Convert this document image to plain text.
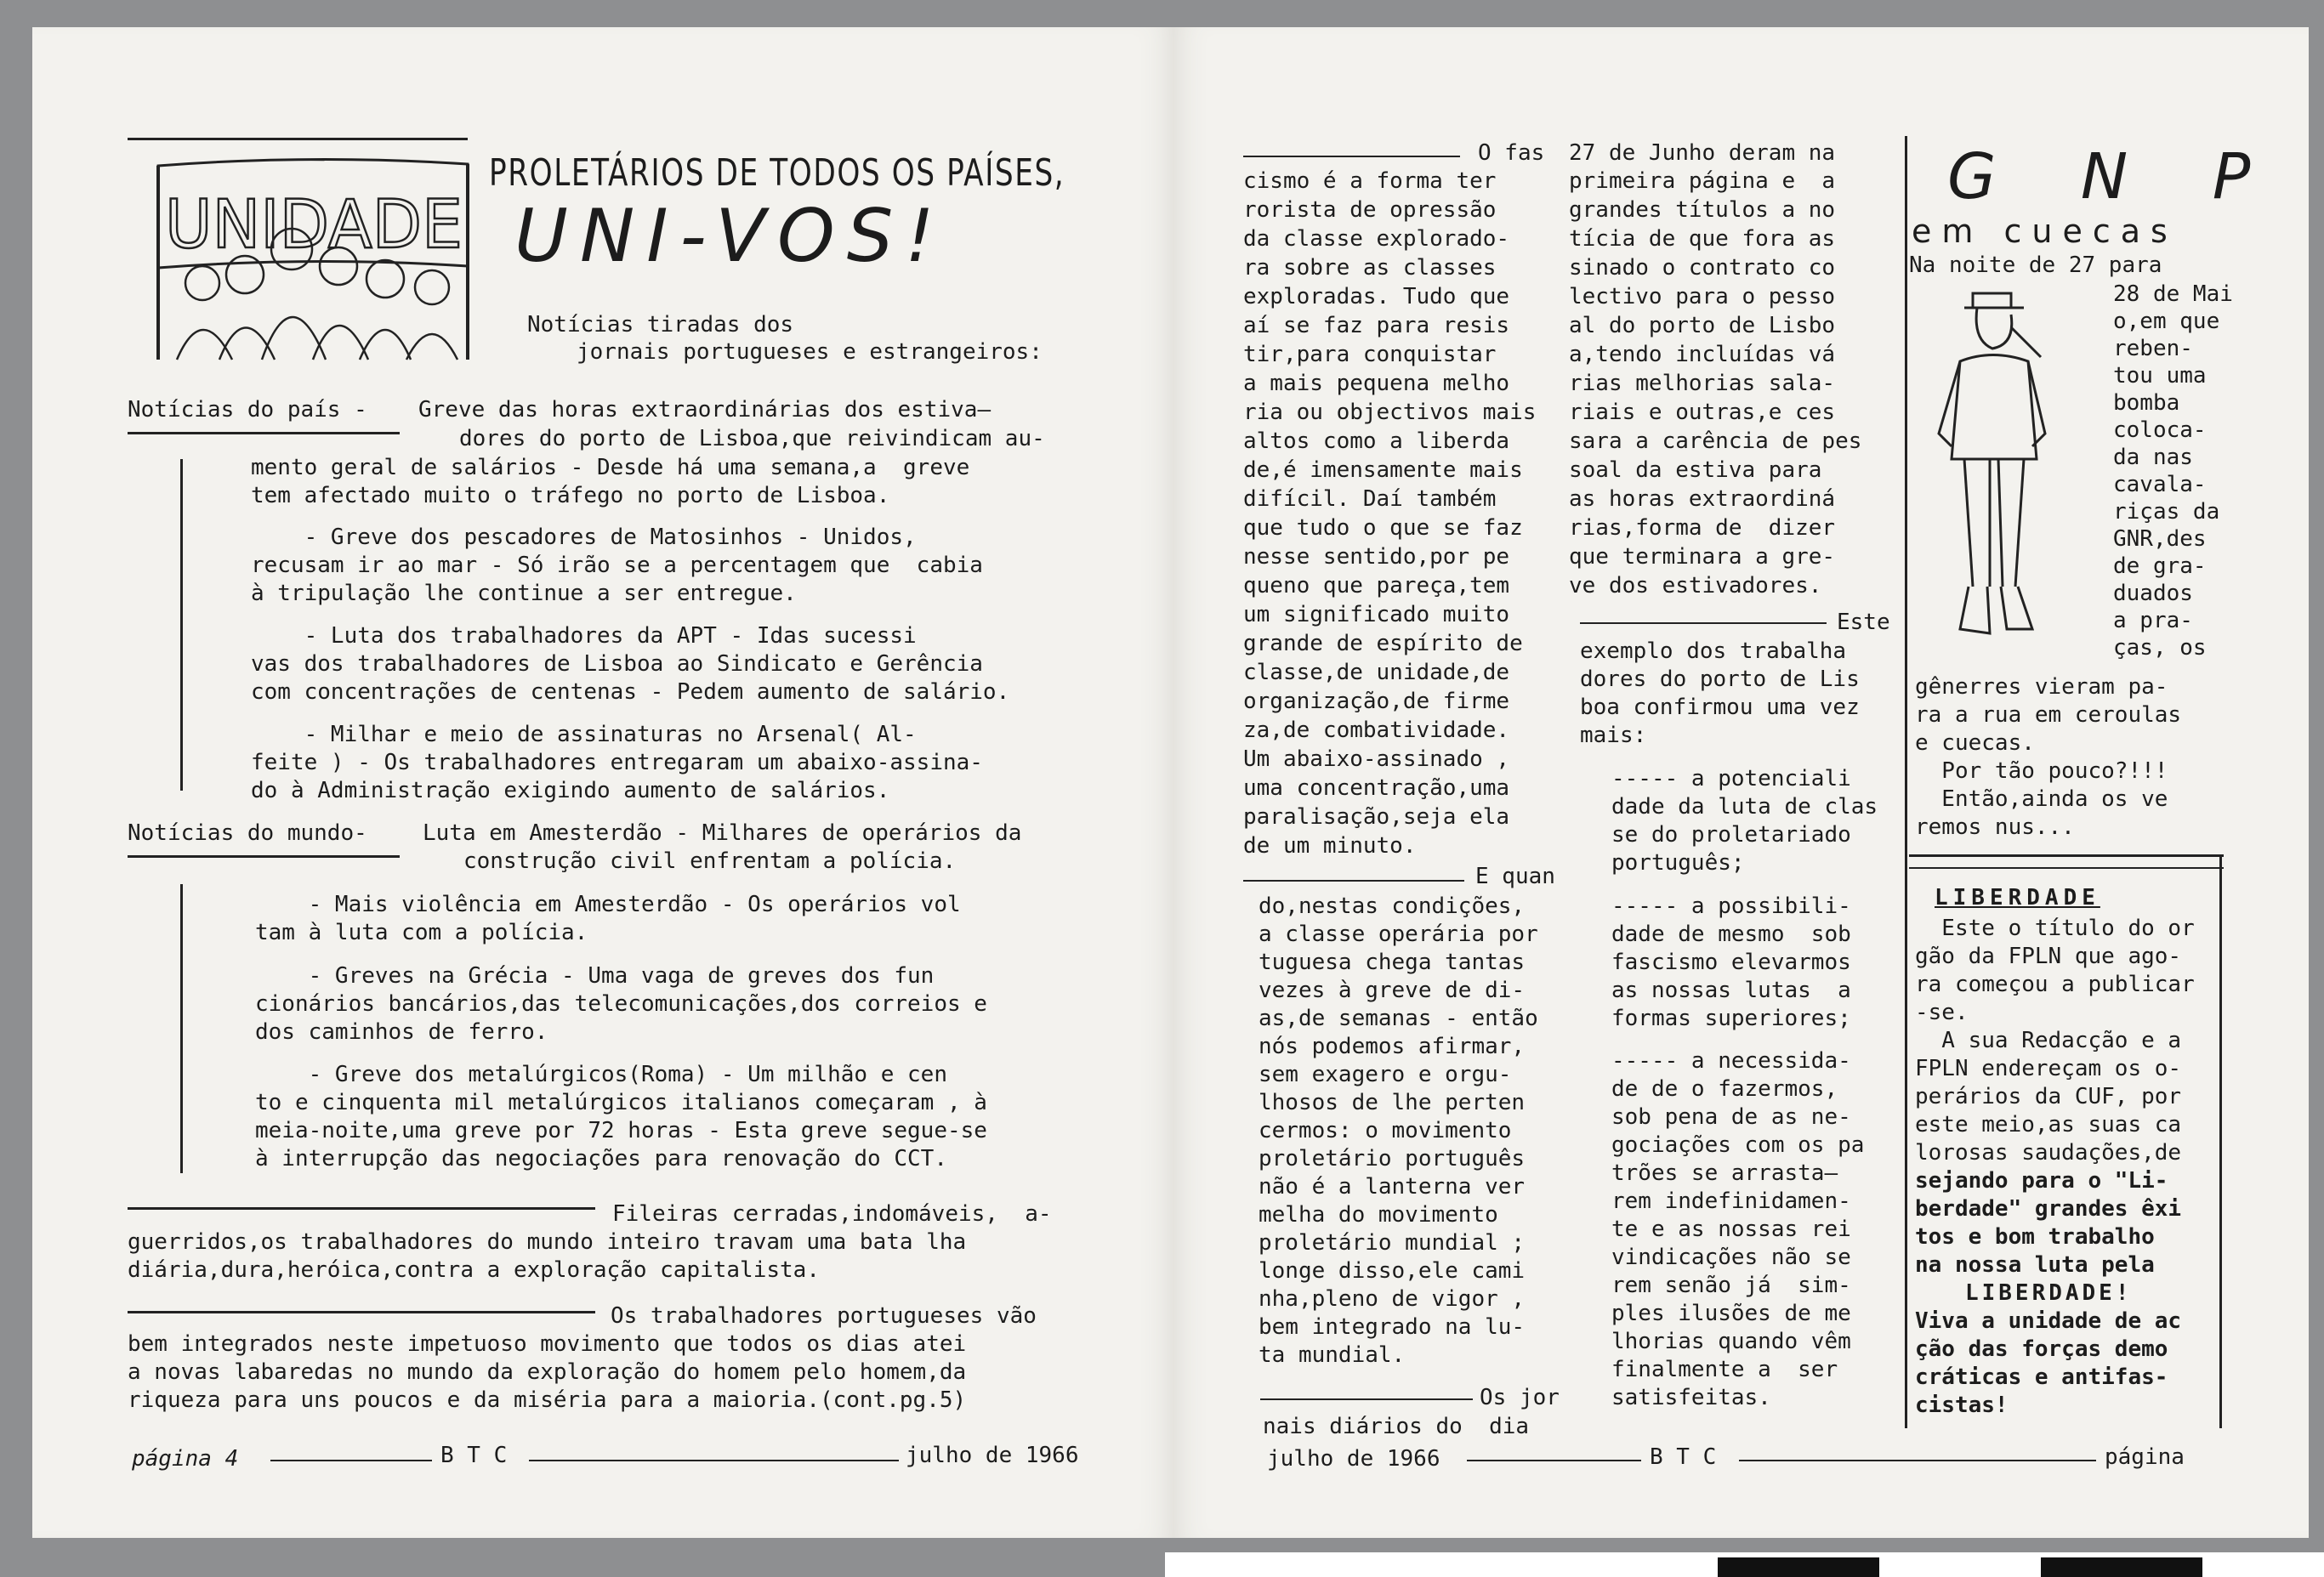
UNIDADE
PROLETÁRIOS DE TODOS OS PAÍSES,
UNI-VOS!
Notícias tiradas dos
jornais portugueses e estrangeiros:
Notícias do país - Greve das horas extraordinárias dos estiva—
dores do porto de Lisboa,que reivindicam au-
mento geral de salários - Desde há uma semana,a  greve
tem afectado muito o tráfego no porto de Lisboa.
- Greve dos pescadores de Matosinhos - Unidos,
recusam ir ao mar - Só irão se a percentagem que  cabia
à tripulação lhe continue a ser entregue.
- Luta dos trabalhadores da APT - Idas sucessi
vas dos trabalhadores de Lisboa ao Sindicato e Gerência
com concentrações de centenas - Pedem aumento de salário.
- Milhar e meio de assinaturas no Arsenal( Al-
feite ) - Os trabalhadores entregaram um abaixo-assina-
do à Administração exigindo aumento de salários.
Notícias do mundo-	Luta em Amesterdão - Milhares de operários da
construção civil enfrentam a polícia.
- Mais violência em Amesterdão - Os operários vol
tam à luta com a polícia.
- Greves na Grécia - Uma vaga de greves dos fun
cionários bancários,das telecomunicações,dos correios e
dos caminhos de ferro.
- Greve dos metalúrgicos(Roma) - Um milhão e cen
to e cinquenta mil metalúrgicos italianos começaram , à
meia-noite,uma greve por 72 horas - Esta greve segue-se
à interrupção das negociações para renovação do CCT.
Fileiras cerradas,indomáveis,  a-
guerridos,os trabalhadores do mundo inteiro travam uma bata lha
diária,dura,heróica,contra a exploração capitalista.
Os trabalhadores portugueses vão
bem integrados neste impetuoso movimento que todos os dias atei
a novas labaredas no mundo da exploração do homem pelo homem,da
riqueza para uns poucos e da miséria para a maioria.(cont.pg.5)
página 4	B T C	julho de 1966
O fas
cismo é a forma ter
rorista de opressão
da classe explorado-
ra sobre as classes
exploradas. Tudo que
aí se faz para resis
tir,para conquistar
a mais pequena melho
ria ou objectivos mais
altos como a liberda
de,é imensamente mais
difícil. Daí também
que tudo o que se faz
nesse sentido,por pe
queno que pareça,tem
um significado muito
grande de espírito de
classe,de unidade,de
organização,de firme
za,de combatividade.
Um abaixo-assinado ,
uma concentração,uma
paralisação,seja ela
de um minuto.
E quan
do,nestas condições,
a classe operária por
tuguesa chega tantas
vezes à greve de di-
as,de semanas - então
nós podemos afirmar,
sem exagero e orgu-
lhosos de lhe perten
cermos: o movimento
proletário português
não é a lanterna ver
melha do movimento
proletário mundial ;
longe disso,ele cami
nha,pleno de vigor ,
bem integrado na lu-
ta mundial.
Os jor
nais diários do  dia
27 de Junho deram na
primeira página e  a
grandes títulos a no
tícia de que fora as
sinado o contrato co
lectivo para o pesso
al do porto de Lisbo
a,tendo incluídas vá
rias melhorias sala-
riais e outras,e ces
sara a carência de pes
soal da estiva para
as horas extraordiná
rias,forma de  dizer
que terminara a gre-
ve dos estivadores.
Este
exemplo dos trabalha
dores do porto de Lis
boa confirmou uma vez
mais:
----- a potenciali
dade da luta de clas
se do proletariado
português;
----- a possibili-
dade de mesmo  sob
fascismo elevarmos
as nossas lutas  a
formas superiores;
----- a necessida-
de de o fazermos,
sob pena de as ne-
gociações com os pa
trões se arrasta—
rem indefinidamen-
te e as nossas rei
vindicações não se
rem senão já  sim-
ples ilusões de me
lhorias quando vêm
finalmente a  ser
satisfeitas.
G N P
em cuecas
Na noite de 27 para
28 de Mai
o,em que
reben-
tou uma
bomba
coloca-
da nas
cavala-
riças da
GNR,des
de gra-
duados
a pra-
ças, os
gênerres vieram pa-
ra a rua em ceroulas
e cuecas.
Por tão pouco?!!!
Então,ainda os ve
remos nus...
LIBERDADE
Este o título do or
gão da FPLN que ago-
ra começou a publicar
-se.
A sua Redacção e a
FPLN endereçam os o-
perários da CUF, por
este meio,as suas ca
lorosas saudações,de
sejando para o "Li-
berdade" grandes êxi
tos e bom trabalho
na nossa luta pela
LIBERDADE!
Viva a unidade de ac
ção das forças demo
cráticas e antifas-
cistas!
julho de 1966	B T C	página
